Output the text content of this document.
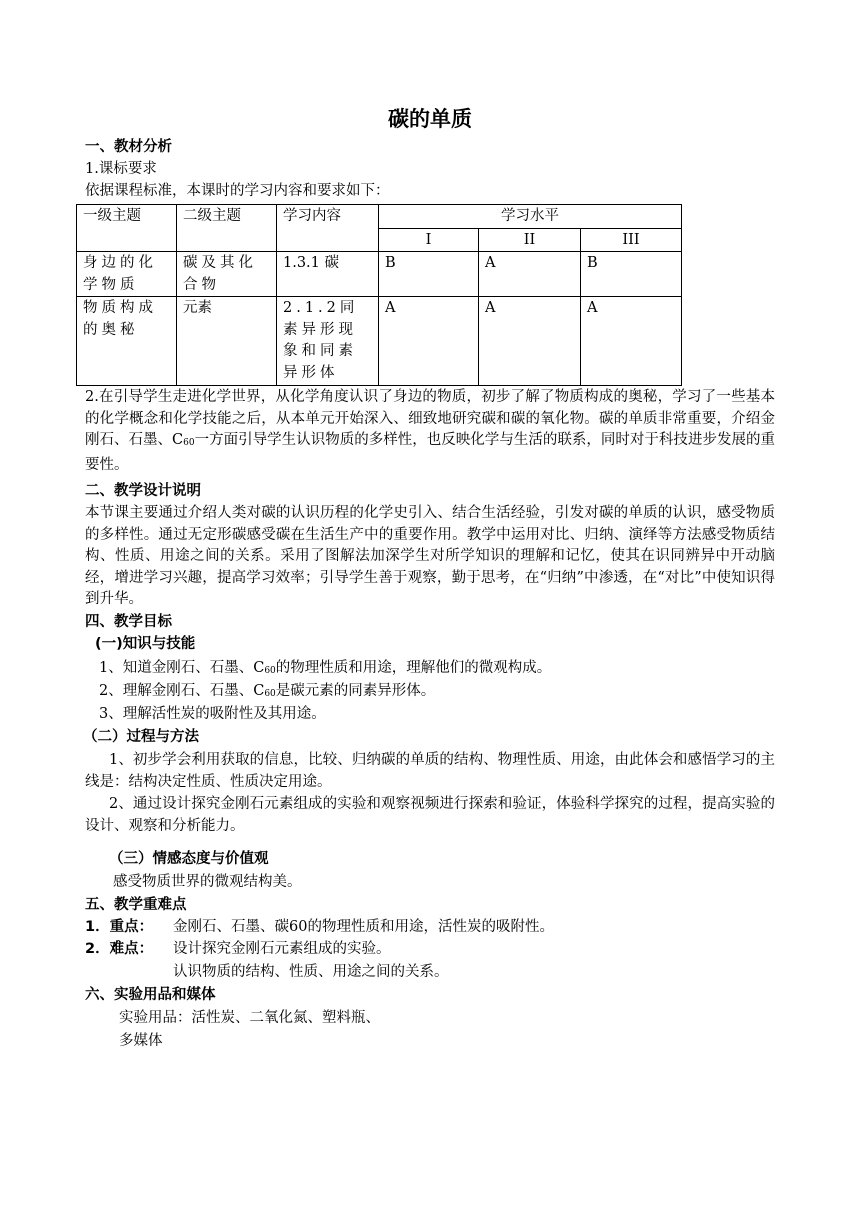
碳的单质
一、教材分析
1.课标要求
依据课程标准，本课时的学习内容和要求如下：
一级主题	二级主题	学习内容	学习水平		
			I	II	III
身边的化学物质	碳及其化合物	1.3.1 碳	B	A	B
物质构成的奥秘	元素	2.1.2同素异形现象和同素异形体	A	A	A
2.在引导学生走进化学世界，从化学角度认识了身边的物质，初步了解了物质构成的奥秘，学习了一些基本的化学概念和化学技能之后，从本单元开始深入、细致地研究碳和碳的氧化物。碳的单质非常重要，介绍金刚石、石墨、$C_{60}$一方面引导学生认识物质的多样性，也反映化学与生活的联系，同时对于科技进步发展的重要性。
二、教学设计说明
本节课主要通过介绍人类对碳的认识历程的化学史引入、结合生活经验，引发对碳的单质的认识，感受物质的多样性。通过无定形碳感受碳在生活生产中的重要作用。教学中运用对比、归纳、演绎等方法感受物质结构、性质、用途之间的关系。采用了图解法加深学生对所学知识的理解和记忆，使其在识同辨异中开动脑经，增进学习兴趣，提高学习效率；引导学生善于观察，勤于思考，在“归纳”中渗透，在“对比”中使知识得到升华。
四、教学目标
(一)知识与技能
1、知道金刚石、石墨、$C_{60}$的物理性质和用途，理解他们的微观构成。
2、理解金刚石、石墨、$C_{60}$是碳元素的同素异形体。
3、理解活性炭的吸附性及其用途。
（二）过程与方法
1、初步学会利用获取的信息，比较、归纳碳的单质的结构、物理性质、用途，由此体会和感悟学习的主线是：结构决定性质、性质决定用途。
2、通过设计探究金刚石元素组成的实验和观察视频进行探索和验证，体验科学探究的过程，提高实验的设计、观察和分析能力。
（三）情感态度与价值观
感受物质世界的微观结构美。
五、教学重难点
1．重点： 金刚石、石墨、碳60的物理性质和用途，活性炭的吸附性。
2．难点： 设计探究金刚石元素组成的实验。
认识物质的结构、性质、用途之间的关系。
六、实验用品和媒体
实验用品：活性炭、二氧化氮、塑料瓶、
多媒体
